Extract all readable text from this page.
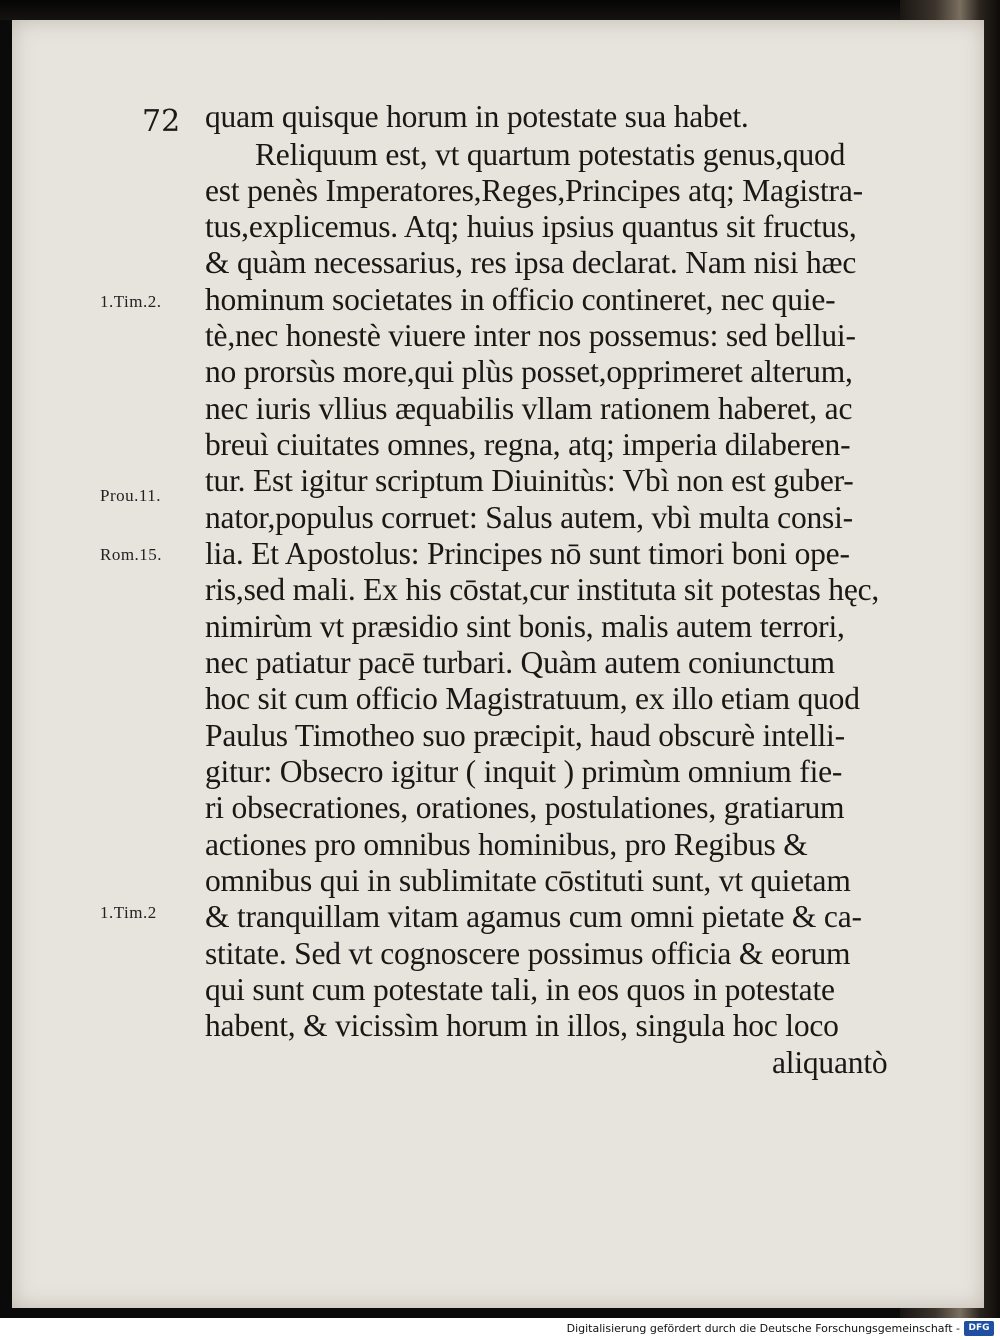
72
1.Tim.2.
Prou.11.
Rom.15.
1.Tim.2
quam quisque horum in potestate sua habet.
Reliquum est, vt quartum potestatis genus,quod
est penès Imperatores,Reges,Principes atq; Magistra-
tus,explicemus. Atq; huius ipsius quantus sit fructus,
& quàm necessarius, res ipsa declarat. Nam nisi hæc
hominum societates in officio contineret, nec quie-
tè,nec honestè viuere inter nos possemus: sed bellui-
no prorsùs more,qui plùs posset,opprimeret alterum,
nec iuris vllius æquabilis vllam rationem haberet, ac
breuì ciuitates omnes, regna, atq; imperia dilaberen-
tur. Est igitur scriptum Diuinitùs: Vbì non est guber-
nator,populus corruet: Salus autem, vbì multa consi-
lia. Et Apostolus: Principes nō sunt timori boni ope-
ris,sed mali. Ex his cōstat,cur instituta sit potestas hęc,
nimirùm vt præsidio sint bonis, malis autem terrori,
nec patiatur pacē turbari. Quàm autem coniunctum
hoc sit cum officio Magistratuum, ex illo etiam quod
Paulus Timotheo suo præcipit, haud obscurè intelli-
gitur: Obsecro igitur ( inquit ) primùm omnium fie-
ri obsecrationes, orationes, postulationes, gratiarum
actiones pro omnibus hominibus, pro Regibus &
omnibus qui in sublimitate cōstituti sunt, vt quietam
& tranquillam vitam agamus cum omni pietate & ca-
stitate. Sed vt cognoscere possimus officia & eorum
qui sunt cum potestate tali, in eos quos in potestate
habent, & vicissìm horum in illos, singula hoc loco
aliquantò
Digitalisierung gefördert durch die Deutsche Forschungsgemeinschaft - DFG
